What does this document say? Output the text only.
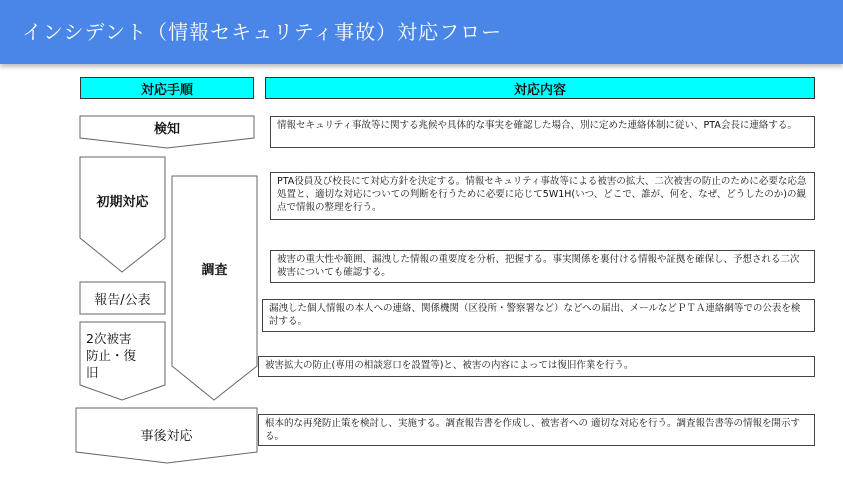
インシデント（情報セキュリティ事故）対応フロー
対応手順	対応内容
検知
初期対応
調査
報告/公表
2次被害
防止・復
旧
事後対応
情報セキュリティ事故等に関する兆候や具体的な事実を確認した場合、別に定めた連絡体制に従い、PTA会長に連絡する。
PTA役員及び校長にて対応方針を決定する。情報セキュリティ事故等による被害の拡大、二次被害の防止のために必要な応急処置と、適切な対応についての判断を行うために必要に応じて5W1H(いつ、どこで、誰が、何を、なぜ、どうしたのか)の観点で情報の整理を行う。
被害の重大性や範囲、漏洩した情報の重要度を分析、把握する。事実関係を裏付ける情報や証拠を確保し、予想される二次被害についても確認する。
漏洩した個人情報の本人への連絡、関係機関（区役所・警察署など）などへの届出、メールなどＰＴＡ連絡網等での公表を検討する。
被害拡大の防止(専用の相談窓口を設置等)と、被害の内容によっては復旧作業を行う。
根本的な再発防止策を検討し、実施する。調査報告書を作成し、被害者への 適切な対応を行う。調査報告書等の情報を開示する。
